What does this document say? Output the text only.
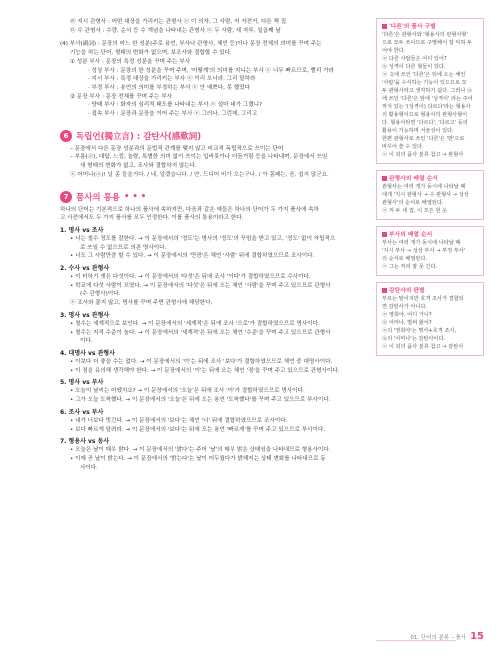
㉣ 지시 관형사 : 어떤 대상을 가리키는 관형사 ⓔ 이 의자, 그 사람, 저 자전거, 다른 책 집
㉤ 수 관형사 : 수량, 순서 등 수 개념을 나타내는 관형사 ⓔ 두 사람, 세 자루, 일곱째 날
(4) 부사(副詞) : 문장의 어느 한 성분(주로 용언, 부사나 관형사, 체언 등)이나 문장 전체의 의미를 꾸며 주는
기능을 하는 단어. 형태의 변화가 없으며, 보조사와 결합할 수 있다.
① 성분 부사 : 문장의 특정 성분을 꾸며 주는 부사
· 성상 부사 : 문장의 한 성분을 꾸며 주며, '어떻게'의 의미를 지니는 부사 ⓔ 너무 빠르므로, 빨리 가라
· 지시 부사 : 특정 대상을 가리키는 부사 ⓔ 이리 오너라. 그리 말하라
· 부정 부사 : 용언의 의미를 부정하는 부사 ⓔ 안 예쁘다, 못 했었다
② 문장 부사 : 문장 전체를 꾸며 주는 부사
· 양태 부사 : 화자의 심리적 태도를 나타내는 부사 ⓔ 설마 네가 그랬니?
· 접속 부사 : 문장과 문장을 이어 주는 부사 ⓔ 그러나, 그런데, 그리고
6 독립언(獨立言) : 감탄사(感歎詞)
– 문장에서 다른 문장 성분과의 문법적 관계를 맺지 않고 비교적 독립적으로 쓰이는 단어
– 부름(ⓐ), 대답, 느낌, 놀람, 특별한 의미 없이 쓰이는 입버릇이나 더듬거림 등을 나타내며, 문장에서 쓰임
새 형태의 변화가 없고, 조사와 결합하지 않는다.
ⓔ 어머나(ⓐ)! 널 좀 들을거다. / 네, 알겠습니다. / 얀, 드디어 비가 오는구나. / 아 몸페는, 음, 쉽지 않군요.
7 품사의 통용 • • •
하나의 단어는 기본적으로 하나의 품사에 속하지만, 다음과 같은 예들은 하나의 단어가 두 가지 품사에 속하
고 사전에서도 두 가지 품사를 모두 인정한다. 이를 품사의 통용이라고 한다.
1. 명사 vs 조사
• 너는 철수 정도를 잘한다. → 이 문장에서의 '정도'는 명사의 '정도'의 꾸밈을 받고 있고, '정도' 없이 자립적으
로 쓰일 수 없으므로 의존 명사이다.
• 너도 그 사람만큼 할 수 있다. → 이 문장에서의 '만큼'은 체언 '사람' 뒤에 결합하였으므로 조사이다.
2. 수사 vs 관형사
• 이 터하기 셋은 다섯이다. → 이 문장에서의 '다섯'은 뒤에 조사 '이다'가 결합하였으므로 수사이다.
• 학교에 다섯 사람이 모였다. → 이 문장에서의 '다섯'은 뒤에 오는 체언 '사람'을 꾸며 주고 있으므로 관형사
(수 관형사)이다.
ⓔ 조사와 붙지 않고, 명사를 꾸며 주면 관형사에 해당한다.
3. 명사 vs 관형사
• 철수는 세계적으로 보인다. → 이 문장에서의 '세계적'은 뒤에 조사 '으로'가 결합하였으므로 명사이다.
• 철수는 지적 수준이 높다. → 이 문장에서의 '세계적'은 뒤에 오는 체언 '수준'을 꾸며 주고 있으므로 관형사
이다.
4. 대명사 vs 관형사
• 이보다 더 좋을 수는 없다. → 이 문장에서의 '이'는 뒤에 조사 '보다'가 결합하였으므로 체언 중 대명사이다.
• 이 점을 유의해 생각해야 한다. → 이 문장에서의 '이'는 뒤에 오는 체언 '점'을 꾸며 주고 있으므로 관형사이다.
5. 명사 vs 부사
• 오늘이 날씨는 어땠지요? → 이 문장에서의 '오늘'은 뒤에 조사 '이'가 결합하였으므로 명사이다.
• 그가 오늘 도착했다. → 이 문장에서의 '오늘'은 뒤에 오는 용언 '도착했다'를 꾸며 주고 있으므로 부사이다.
6. 조사 vs 부사
• 내가 너보다 빗긴다. → 이 문장에서의 '보다'는 체언 '너' 뒤에 결합하였으므로 조사이다.
• 보다 빠르게 달려라. → 이 문장에서의 '보다'는 뒤에 오는 용언 '빠르게'를 꾸며 주고 있으므로 부사이다.
7. 형용사 vs 동사
• 오늘은 날이 매우 밝다. → 이 문장에서의 '밝다'는 주어 '날'의 매우 밝은 상태임을 나타내므로 형용사이다.
• 이제 곧 날이 밝는다. → 이 문장에서의 '밝는다'는 날이 어두웠다가 밝해지는 상태 변화를 나타내므로 동
사이다.
'다른'의 품사 구별
'다른'은 관형사와 '형용사의 관형사형'
으로 모두 쓰이므로 구별해서 잘 익혀 두
어야 한다.
ⓐ 다른 사람들은 어디 있어?
ⓑ 성격이 다른 형들이 있다.
ⓐ 文에 쓰인 '다른'은 뒤에 오는 체언
'사람'을 수식하는 기능이 있으므로 모
두 관형사라고 생각하기 쉽다. 그러나 ⓑ
에 쓰인 '다른'은 앞에 '성격이' 라는 주어
까지 있는 '(성격이) 다르다'라는 형용사
의 활용형이므로 형용사의 관형사형이
다. 형용사라면 '다르다', '다르고' 등의
활용이 가능하며 서술성이 있다.
한편 관형사로 쓰인 '다른'은 '딴'으로
바꾸어 쓸 수 있다.
ⓔ 이 외의 품사 분류 참고 → 관형사
관형사의 배열 순서
관형사는 여러 개가 동시에 나타날 때
대개 '지시 관형사 → 수 관형사 → 성상
관형사'의 순서로 배열된다.
ⓔ 저 두 새 집, 이 모든 헌 옷
부사의 배열 순서
부사는 여러 개가 동시에 나타날 때
'지시 부사 → 성상 부사 → 부정 부사'
의 순서로 배열된다.
ⓔ 그는 저리 잘 못 간다.
감탄사의 판별
부르는 말이지만 호격 조사가 결합되
면 감탄사가 아니다.
ⓐ 영희야, 어디 가니?
ⓑ 어머나, 벌써 왔어?
ⓐ의 '영희야'는 명사+호격 조사,
ⓑ의 '어머나'는 감탄사이다.
ⓔ 이 외의 품사 분류 참고 → 감탄사
01. 단어의 분류 – 품사 15
